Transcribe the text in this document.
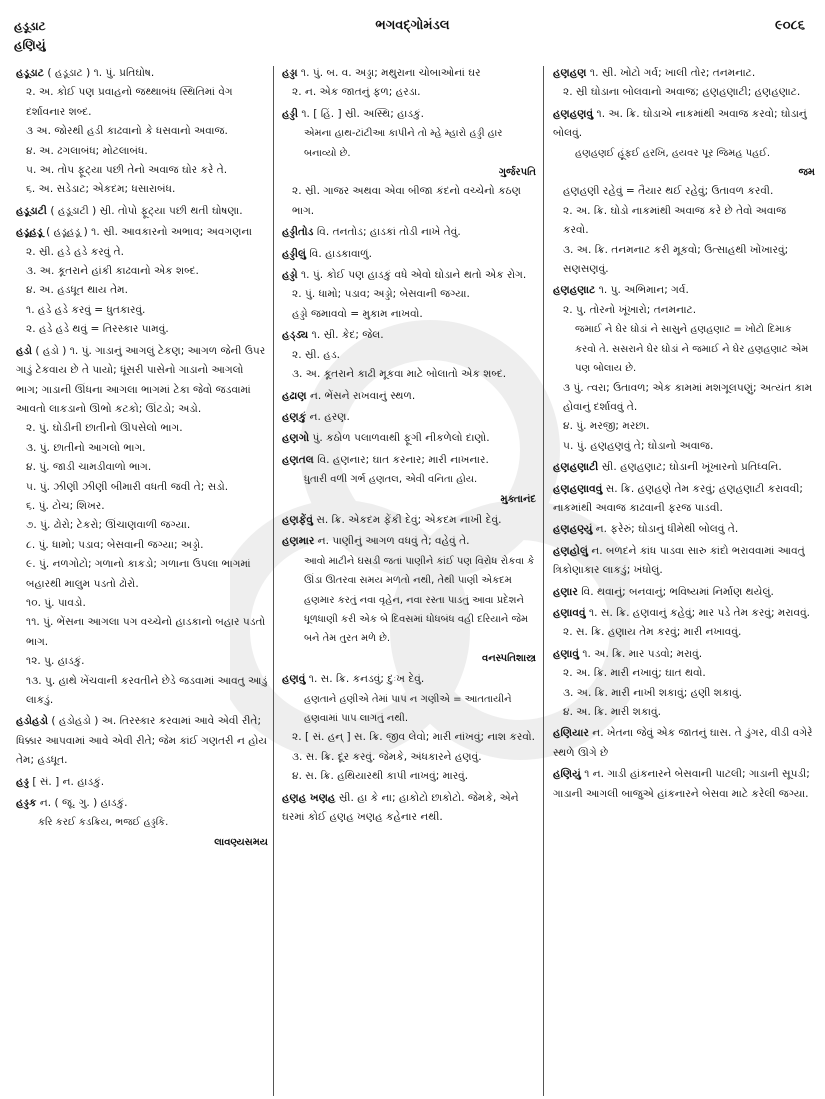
હડૂડાટ
હણિયું
ભગવદ્ગોમંડલ	૯૦૮૬
હડૂડાટ ( હડૂડાટ ) ૧. પું. પ્રતિઘોષ.
૨. અ. કોઈ પણ પ્રવાહનો જથ્થાબંધ સ્થિતિમાં વેગ દર્શાવનાર શબ્દ.
૩ અ. જોરથી હડી કાઢવાનો કે ધસવાનો અવાજ.
૪. અ. ઢગલાબંધ; મોટલાબંધ.
૫. અ. તોપ ફૂટ્યા પછી તેનો અવાજ ઘોર કરે તે.
૬. અ. સડેડાટ; એકદમ; ધસારાબંધ.
હડૂડાટી ( હડૂડાટી ) સ્રી. તોપો ફૂટ્યા પછી થતી ઘોષણા.
હડૂહડૂ ( હડૂહડૂ ) ૧. સ્રી. આવકારનો અભાવ; અવગણના
૨. સ્રી. હડે હડે કરવું તે.
૩. અ. કૂતરાને હાંકી કાઢવાનો એક શબ્દ.
૪. અ. હડધૂત થાય તેમ.
૧. હડે હડે કરવું = ધુતકારવું.
૨. હડે હડે થવું = તિરસ્કાર પામવું.
હડો ( હડો ) ૧. પું. ગાડાનું આગલું ટેકણ; આગળ જેની ઉપર ગાડું ટેકવાય છે તે પાયો; ધૂંસરી પાસેનો ગાડાનો આગલો ભાગ; ગાડાની ઊંધના આગલા ભાગમાં ટેકા જેવો જડવામાં આવતો લાકડાનો ઊભો કટકો; ઊંટડો; અડો.
૨. પું. ઘોડીની છાતીનો ઊપસેલો ભાગ.
૩. પું. છાતીનો આગલો ભાગ.
૪. પું. જાડી ચામડીવાળો ભાગ.
૫. પું. ઝીણી ઝીણી બીમારી વધતી જવી તે; સડો.
૬. પું. ટોચ; શિખર.
૭. પું. ઢોરો; ટેકરો; ઊંચાણવાળી જગ્યા.
૮. પું. ધામો; પડાવ; બેસવાની જગ્યા; અડ્ડો.
૯. પું. નળગોટો; ગળાનો કાકડો; ગળાના ઉપલા ભાગમાં બહારથી માલુમ પડતો ઢોરો.
૧૦. પું. પાવડો.
૧૧. પું. ભેંસના આગલા પગ વચ્ચેનો હાડકાનો બહાર પડતો ભાગ.
૧૨. પુ. હાડકું.
૧૩. પુ. હાથે ખેંચવાની કરવતીને છેડે જડવામાં આવતુ આડું લાકડું.
હડોહડો ( હડોહડો ) અ. તિરસ્કાર કરવામાં આવે એવી રીતે; ધિક્કાર આપવામાં આવે એવી રીતે; જેમ કાંઈ ગણતરી ન હોય તેમ; હડધૂત.
હડ્ડ [ સં. ] ન. હાડકું.
હડ્ડક ન. ( જૂ. ગુ. ) હાડકું.
કરિ કરઈ કડક્રિય, ભજઈ હડ્ડકિ.
લાવણ્યસમય
હડ્ડા ૧. પું. બ. વ. અડ્ડા; મથુરાના ચોબાઓનાં ઘર
૨. ન. એક જાતનું ફળ; હરડા.
હડ્ડી ૧. [ હિં. ] સ્રી. અસ્થિ; હાડકું.
એમના હાથ-ટાંટીઆ કાપીને તો મ્હે મ્હારો હડ્ડી હાર બનાવ્યો છે.
ગુર્જરપતિ
૨. સ્રી. ગાજર અથવા એવા બીજા કંદનો વચ્ચેનો કઠણ ભાગ.
હડ્ડીતોડ વિ. તનતોડ; હાડકાં તોડી નાખે તેવું.
હડ્ડીલું વિ. હાડકાવાળું.
હડ્ડો ૧. પું. કોઈ પણ હાડકું વધે એવો ઘોડાને થતો એક રોગ.
૨. પું. ધામો; પડાવ; અડ્ડો; બેસવાની જગ્યા.
હડ્ડો જમાવવો = મુકામ નાખવો.
હડ્ડ્ય ૧. સ્રી. કેદ; જેલ.
૨. સ્રી. હડ.
૩. અ. કૂતરાને કાઢી મૂકવા માટે બોલાતો એક શબ્દ.
હઢાણ ન. ભેંસને રાખવાનું સ્થળ.
હણકું ન. હરણ.
હણગો પું. કઠોળ પલાળવાથી ફૂગી નીકળેલો દાણો.
હણતલ વિ. હણનાર; ઘાત કરનાર; મારી નાખનાર.
ધુતારી વળી ગર્ભ હણતલ, એવી વનિતા હોય.
મુક્તાનંદ
હણફેંવું સ. ક્રિ. એકદમ ફેંકી દેવું; એકદમ નાખી દેવું.
હણમાર ન. પાણીનું આગળ વધવું તે; વહેવું તે.
આવો માટીને ઘસડી જતાં પાણીને કાંઈ પણ વિરોધ રોકવા કે ઊંડા ઊતરવા સમય મળતો નથી, તેથી પાણી એકદમ હણમાર કરતું નવા વૃહેન, નવા રસ્તા પાડતું આવા પ્રદેશને ધૂળધાણી કરી એક બે દિવસમાં ધોધબંધ વહી દરિયાને જેમ બને તેમ તુરત મળે છે.
વનસ્પતિશાસ્ત્ર
હણવું ૧. સ. ક્રિ. કનડવું; દુઃખ દેવું.
હણતાને હણીએ તેમાં પાપ ન ગણીએ = આતતાયીને હણવામાં પાપ લાગતું નથી.
૨. [ સં. હન્ ] સ. ક્રિ. જીવ લેવો; મારી નાંખવું; નાશ કરવો.
૩. સ. ક્રિ. દૂર કરવું. જેમકે, અંધકારને હણવું.
૪. સ. ક્રિ. હથિયારથી કાપી નાખવું; મારવું.
હણહ ખણહ સ્રી. હા કે ના; હાકોટો છાકોટો. જેમકે, એને ઘરમાં કોઈ હણહ ખણહ કહેનાર નથી.
હણહણ ૧. સ્રી. ખોટો ગર્વ; ખાલી તોર; તનમનાટ.
૨. સ્રી ઘોડાના બોલવાનો અવાજ; હણહણાટી; હણહણાટ.
હણહણવું ૧. અ. ક્રિ. ઘોડાએ નાકમાંથી અવાજ કરવો; ઘોડાનું બોલવું.
હણહણઈ હૂંફઈ હરખિ, હયવર પૂર જિમહ પહઈ.
જમ
હણહણી રહેવું = તૈયાર થઈ રહેવું; ઉતાવળ કરવી.
૨. અ. ક્રિ. ઘોડો નાકમાંથી અવાજ કરે છે તેવો અવાજ કરવો.
૩. અ. ક્રિ. તનમનાટ કરી મૂકવો; ઉત્સાહથી ખોંખારવું; સણસણવું.
હણહણાટ ૧. પુ. અભિમાન; ગર્વ.
૨. પુ. તોરનો ખૂંખારો; તનમનાટ.
જમાઈ ને ઘેર ઘોડાં ને સાસુને હણહણાટ = ખોટો દિમાક કરવો તે. સસરાને ઘેર ઘોડાં ને જમાઈ ને ઘેર હણહણાટ એમ પણ બોલાય છે.
૩ પું. ત્વરા; ઉતાવળ; એક કામમાં મશગૂલપણું; અત્યંત કામ હોવાનું દર્શાવવું તે.
૪. પું. મરજી; મરછા.
૫. પું. હણહણવું તે; ઘોડાનો અવાજ.
હણહણાટી સ્રી. હણહણાટ; ઘોડાની ખૂંખારનો પ્રતિધ્વનિ.
હણહણાવવું સ. ક્રિ. હણહણે તેમ કરવું; હણહણાટી કરાવવી; નાકમાંથી અવાજ કાઢવાની ફરજ પાડવી.
હણહણ્યું ન. ફરેરું; ઘોડાનું ધીમેથી બોલવું તે.
હણહોલું ન. બળદને કાંધ પાડવા સારુ કાંદો ભરાવવામાં આવતું ત્રિકોણાકાર લાકડું; ખંધોલું.
હણાર વિ. થવાનું; બનવાનું; ભવિષ્યમાં નિર્માણ થયેલું.
હણાવવું ૧. સ. ક્રિ. હણવાનું કહેવું; માર પડે તેમ કરવું; મરાવવું.
૨. સ. ક્રિ. હણાય તેમ કરવું; મારી નખાવવું.
હણાવું ૧. અ. ક્રિ. માર પડવો; મરાવું.
૨. અ. ક્રિ. મારી નખાવું; ઘાત થવો.
૩. અ. ક્રિ. મારી નાખી શકાવું; હણી શકાવું.
૪. અ. ક્રિ. મારી શકાવું.
હણિયાર ન. ખેતના જેવું એક જાતનું ઘાસ. તે ડુંગર, વીડી વગેરે સ્થળે ઊગે છે
હણિયું ૧ ન. ગાડી હાંકનારને બેસવાની પાટલી; ગાડાની સૂપડી; ગાડાની આગલી બાજુએ હાંકનારને બેસવા માટે કરેલી જગ્યા.
